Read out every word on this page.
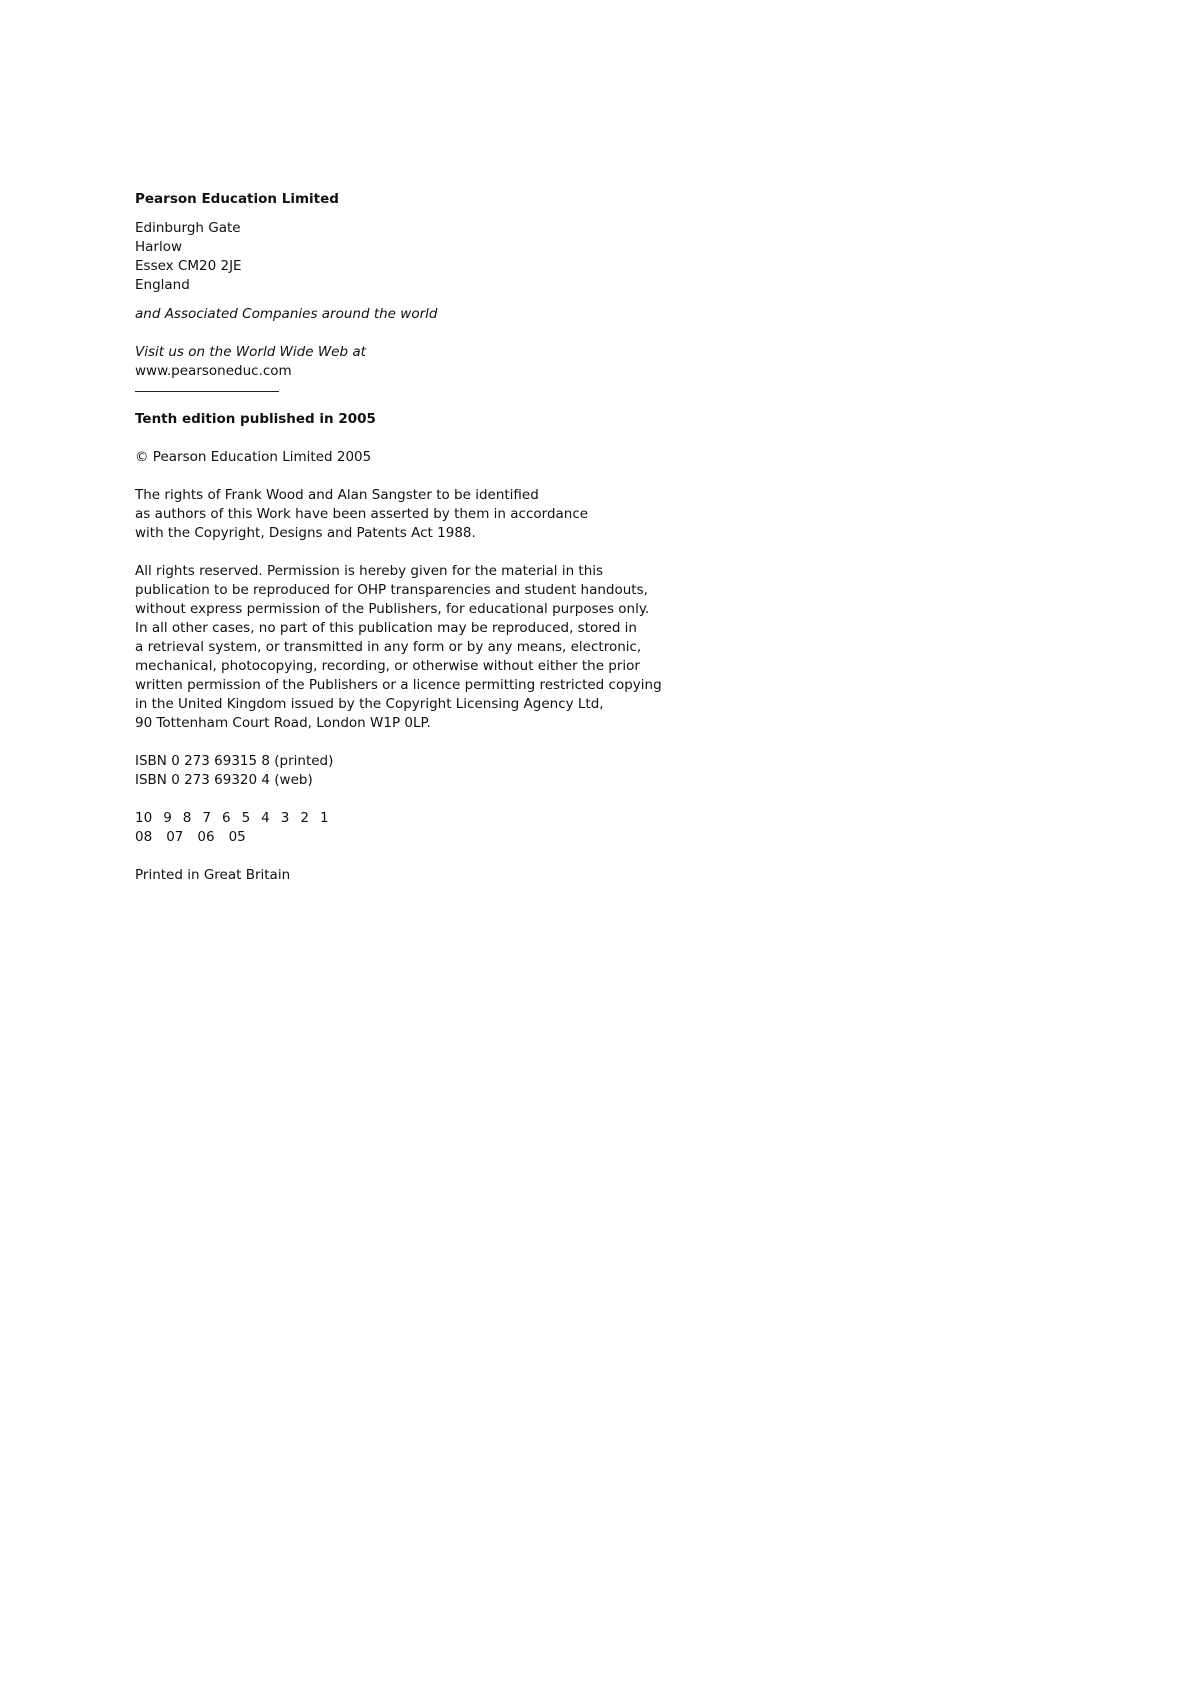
Pearson Education Limited
Edinburgh Gate
Harlow
Essex CM20 2JE
England
and Associated Companies around the world
Visit us on the World Wide Web at
www.pearsoneduc.com
Tenth edition published in 2005
© Pearson Education Limited 2005
The rights of Frank Wood and Alan Sangster to be identified
as authors of this Work have been asserted by them in accordance
with the Copyright, Designs and Patents Act 1988.
All rights reserved. Permission is hereby given for the material in this
publication to be reproduced for OHP transparencies and student handouts,
without express permission of the Publishers, for educational purposes only.
In all other cases, no part of this publication may be reproduced, stored in
a retrieval system, or transmitted in any form or by any means, electronic,
mechanical, photocopying, recording, or otherwise without either the prior
written permission of the Publishers or a licence permitting restricted copying
in the United Kingdom issued by the Copyright Licensing Agency Ltd,
90 Tottenham Court Road, London W1P 0LP.
ISBN 0 273 69315 8 (printed)
ISBN 0 273 69320 4 (web)
10 9 8 7 6 5 4 3 2 1
08 07 06 05
Printed in Great Britain
